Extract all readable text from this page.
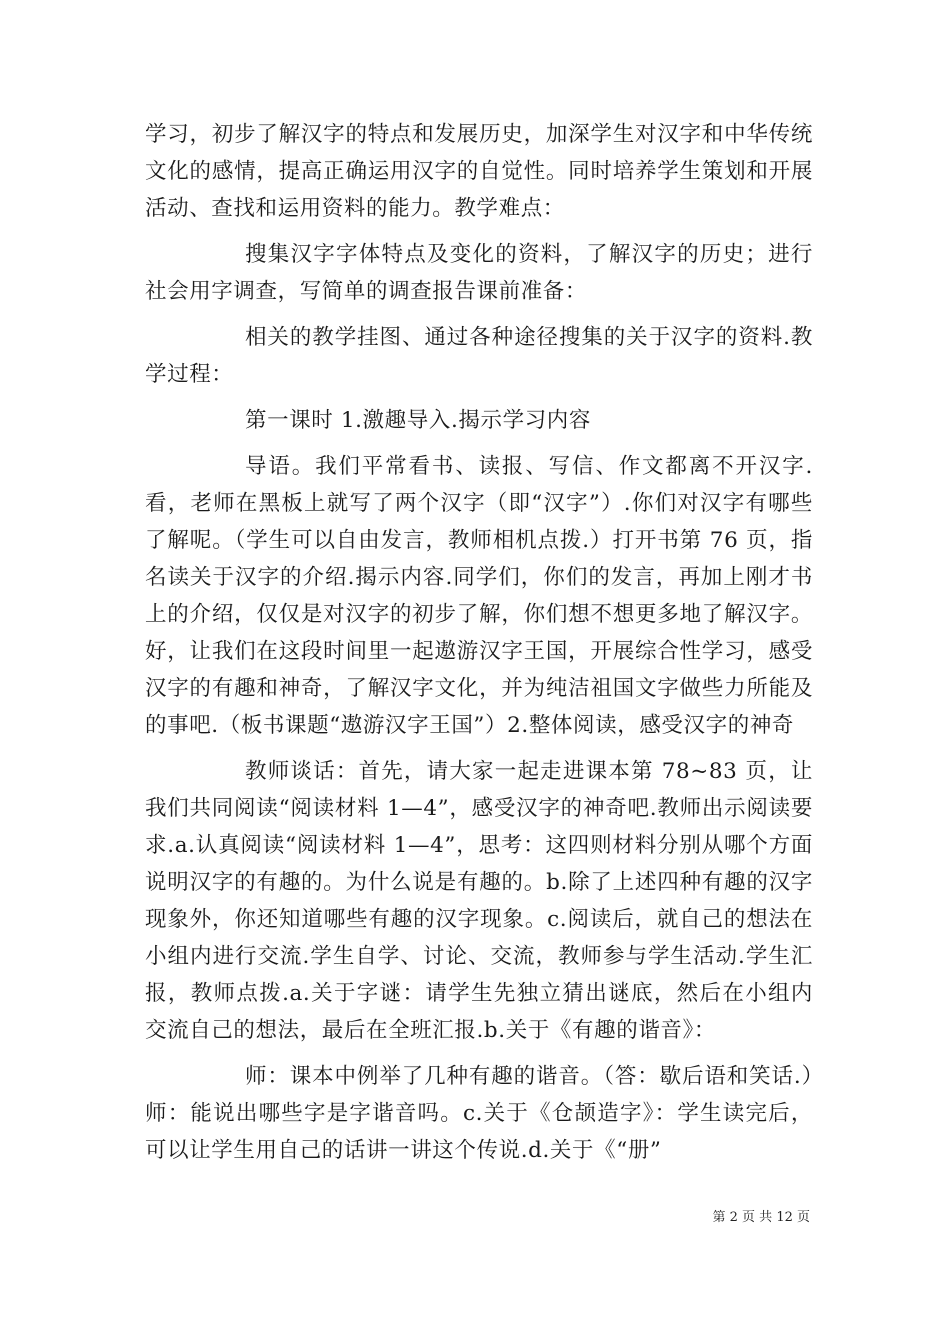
学习，初步了解汉字的特点和发展历史，加深学生对汉字和中华传统文化的感情，提高正确运用汉字的自觉性。同时培养学生策划和开展活动、查找和运用资料的能力。教学难点：

搜集汉字字体特点及变化的资料，了解汉字的历史；进行社会用字调查，写简单的调查报告课前准备：

相关的教学挂图、通过各种途径搜集的关于汉字的资料.教学过程：

第一课时 1.激趣导入.揭示学习内容

导语。我们平常看书、读报、写信、作文都离不开汉字.看，老师在黑板上就写了两个汉字（即“汉字”）.你们对汉字有哪些了解呢。（学生可以自由发言，教师相机点拨.）打开书第 76 页，指名读关于汉字的介绍.揭示内容.同学们，你们的发言，再加上刚才书上的介绍，仅仅是对汉字的初步了解，你们想不想更多地了解汉字。好，让我们在这段时间里一起遨游汉字王国，开展综合性学习，感受汉字的有趣和神奇，了解汉字文化，并为纯洁祖国文字做些力所能及的事吧.（板书课题“遨游汉字王国”）2.整体阅读，感受汉字的神奇

教师谈话：首先，请大家一起走进课本第 78~83 页，让我们共同阅读“阅读材料 1—4”，感受汉字的神奇吧.教师出示阅读要求.a.认真阅读“阅读材料 1—4”，思考：这四则材料分别从哪个方面说明汉字的有趣的。为什么说是有趣的。b.除了上述四种有趣的汉字现象外，你还知道哪些有趣的汉字现象。c.阅读后，就自己的想法在小组内进行交流.学生自学、讨论、交流，教师参与学生活动.学生汇报，教师点拨.a.关于字谜：请学生先独立猜出谜底，然后在小组内交流自己的想法，最后在全班汇报.b.关于《有趣的谐音》：

师：课本中例举了几种有趣的谐音。（答：歇后语和笑话.）师：能说出哪些字是字谐音吗。c.关于《仓颉造字》：学生读完后，可以让学生用自己的话讲一讲这个传说.d.关于《“册”

第 2 页 共 12 页
